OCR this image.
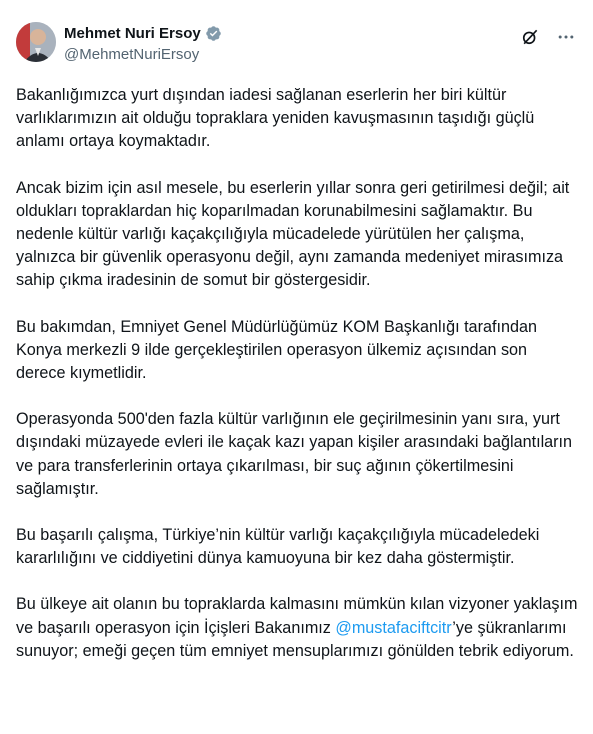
Mehmet Nuri Ersoy
@MehmetNuriErsoy

Bakanlığımızca yurt dışından iadesi sağlanan eserlerin her biri kültür varlıklarımızın ait olduğu topraklara yeniden kavuşmasının taşıdığı güçlü anlamı ortaya koymaktadır.

Ancak bizim için asıl mesele, bu eserlerin yıllar sonra geri getirilmesi değil; ait oldukları topraklardan hiç koparılmadan korunabilmesini sağlamaktır. Bu nedenle kültür varlığı kaçakçılığıyla mücadelede yürütülen her çalışma, yalnızca bir güvenlik operasyonu değil, aynı zamanda medeniyet mirasımıza sahip çıkma iradesinin de somut bir göstergesidir.

Bu bakımdan, Emniyet Genel Müdürlüğümüz KOM Başkanlığı tarafından Konya merkezli 9 ilde gerçekleştirilen operasyon ülkemiz açısından son derece kıymetlidir.

Operasyonda 500'den fazla kültür varlığının ele geçirilmesinin yanı sıra, yurt dışındaki müzayede evleri ile kaçak kazı yapan kişiler arasındaki bağlantıların ve para transferlerinin ortaya çıkarılması, bir suç ağının çökertilmesini sağlamıştır.

Bu başarılı çalışma, Türkiye’nin kültür varlığı kaçakçılığıyla mücadeledeki kararlılığını ve ciddiyetini dünya kamuoyuna bir kez daha göstermiştir.

Bu ülkeye ait olanın bu topraklarda kalmasını mümkün kılan vizyoner yaklaşım ve başarılı operasyon için İçişleri Bakanımız @mustafaciftcitr’ye şükranlarımı sunuyor; emeği geçen tüm emniyet mensuplarımızı gönülden tebrik ediyorum.
